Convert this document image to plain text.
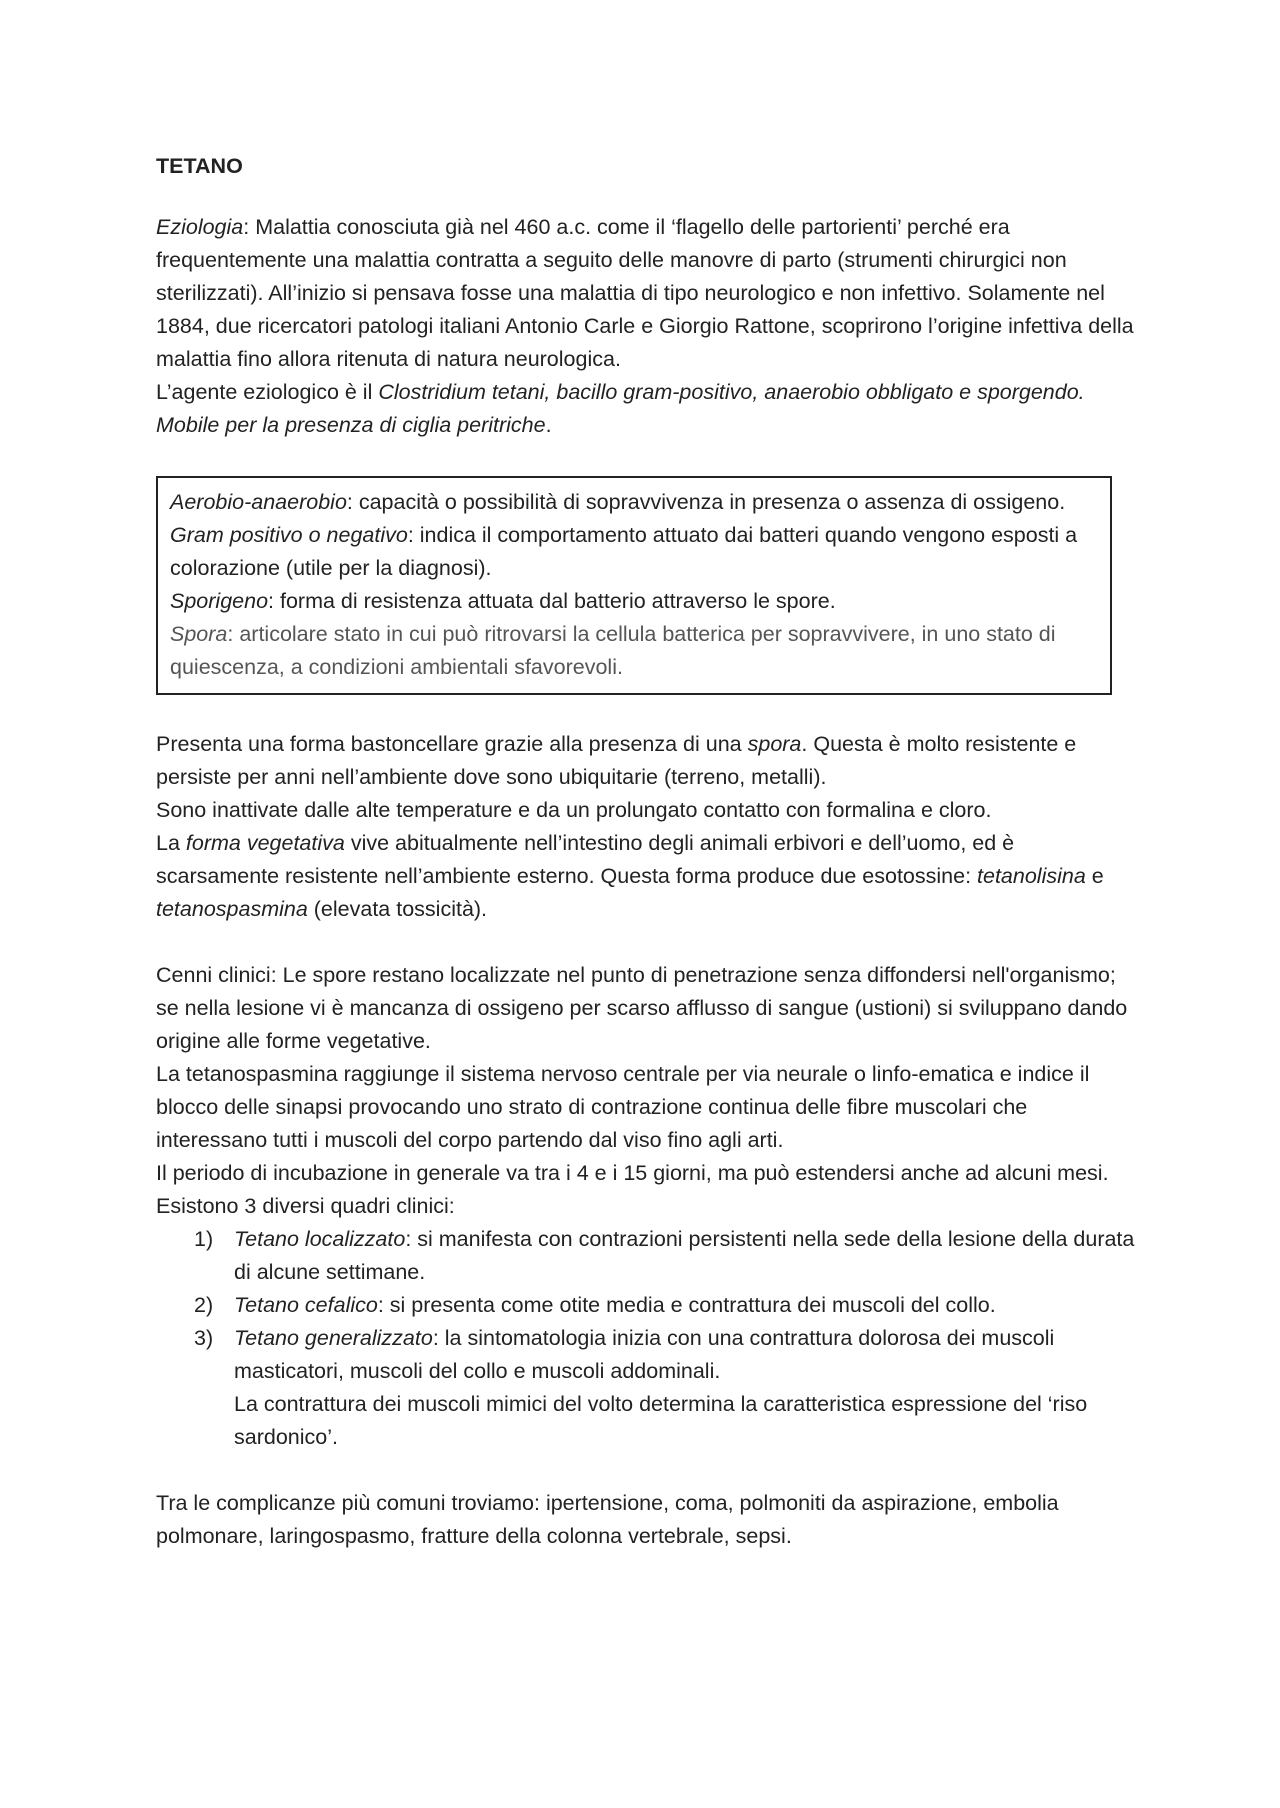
TETANO

Eziologia: Malattia conosciuta già nel 460 a.c. come il ‘flagello delle partorienti’ perché era frequentemente una malattia contratta a seguito delle manovre di parto (strumenti chirurgici non sterilizzati). All’inizio si pensava fosse una malattia di tipo neurologico e non infettivo. Solamente nel 1884, due ricercatori patologi italiani Antonio Carle e Giorgio Rattone, scoprirono l’origine infettiva della malattia fino allora ritenuta di natura neurologica.

L’agente eziologico è il Clostridium tetani, bacillo gram-positivo, anaerobio obbligato e sporgendo. Mobile per la presenza di ciglia peritriche.

Aerobio-anaerobio: capacità o possibilità di sopravvivenza in presenza o assenza di ossigeno.

Gram positivo o negativo: indica il comportamento attuato dai batteri quando vengono esposti a colorazione (utile per la diagnosi).

Sporigeno: forma di resistenza attuata dal batterio attraverso le spore.

Spora: articolare stato in cui può ritrovarsi la cellula batterica per sopravvivere, in uno stato di quiescenza, a condizioni ambientali sfavorevoli.

Presenta una forma bastoncellare grazie alla presenza di una spora. Questa è molto resistente e persiste per anni nell’ambiente dove sono ubiquitarie (terreno, metalli).

Sono inattivate dalle alte temperature e da un prolungato contatto con formalina e cloro.

La forma vegetativa vive abitualmente nell’intestino degli animali erbivori e dell’uomo, ed è scarsamente resistente nell’ambiente esterno. Questa forma produce due esotossine: tetanolisina e tetanospasmina (elevata tossicità).

Cenni clinici: Le spore restano localizzate nel punto di penetrazione senza diffondersi nell'organismo; se nella lesione vi è mancanza di ossigeno per scarso afflusso di sangue (ustioni) si sviluppano dando origine alle forme vegetative.

La tetanospasmina raggiunge il sistema nervoso centrale per via neurale o linfo-ematica e indice il blocco delle sinapsi provocando uno strato di contrazione continua delle fibre muscolari che interessano tutti i muscoli del corpo partendo dal viso fino agli arti.

Il periodo di incubazione in generale va tra i 4 e i 15 giorni, ma può estendersi anche ad alcuni mesi. Esistono 3 diversi quadri clinici:

1) Tetano localizzato: si manifesta con contrazioni persistenti nella sede della lesione della durata di alcune settimane.
2) Tetano cefalico: si presenta come otite media e contrattura dei muscoli del collo.
3) Tetano generalizzato: la sintomatologia inizia con una contrattura dolorosa dei muscoli masticatori, muscoli del collo e muscoli addominali.
La contrattura dei muscoli mimici del volto determina la caratteristica espressione del ‘riso sardonico’.

Tra le complicanze più comuni troviamo: ipertensione, coma, polmoniti da aspirazione, embolia polmonare, laringospasmo, fratture della colonna vertebrale, sepsi.
